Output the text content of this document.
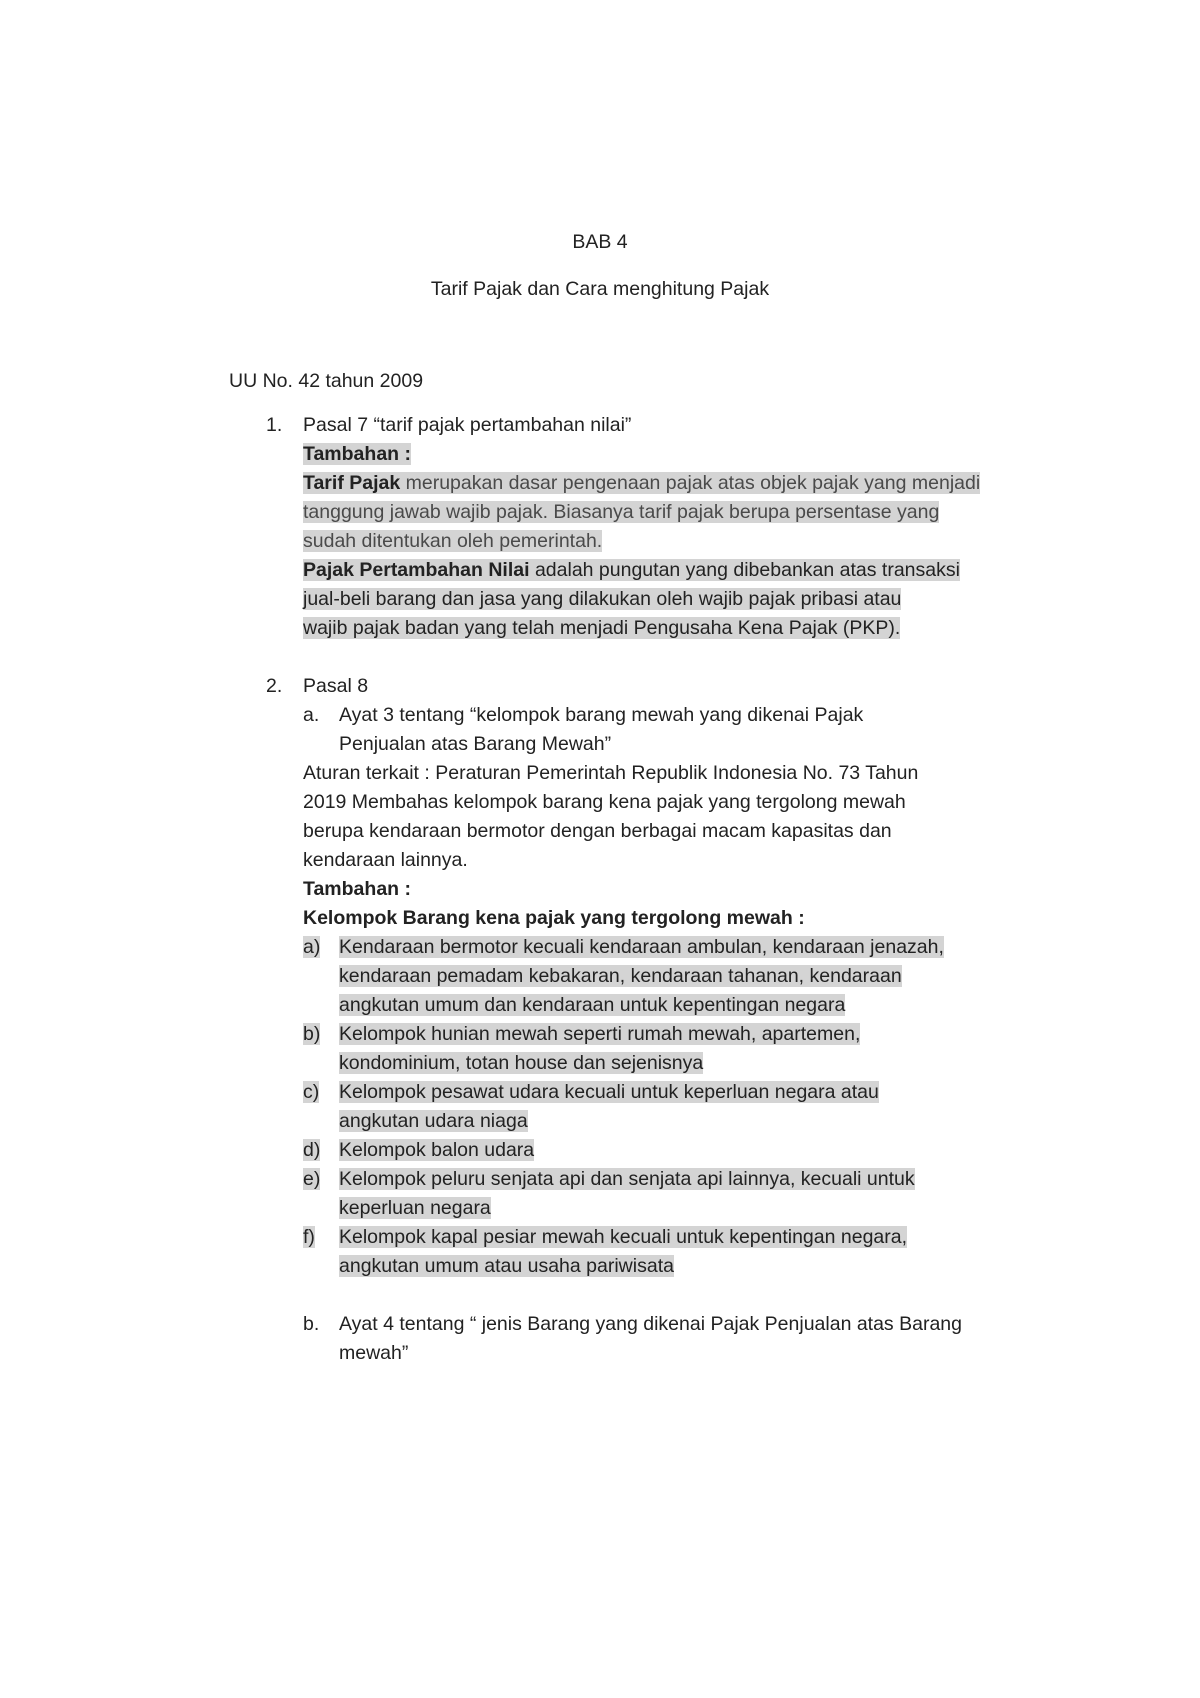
BAB 4
Tarif Pajak dan Cara menghitung Pajak
UU No. 42 tahun 2009
1. Pasal 7 “tarif pajak pertambahan nilai”
Tambahan :
Tarif Pajak merupakan dasar pengenaan pajak atas objek pajak yang menjadi
tanggung jawab wajib pajak. Biasanya tarif pajak berupa persentase yang
sudah ditentukan oleh pemerintah.
Pajak Pertambahan Nilai adalah pungutan yang dibebankan atas transaksi
jual-beli barang dan jasa yang dilakukan oleh wajib pajak pribasi atau
wajib pajak badan yang telah menjadi Pengusaha Kena Pajak (PKP).
2. Pasal 8
a. Ayat 3 tentang “kelompok barang mewah yang dikenai Pajak
Penjualan atas Barang Mewah”
Aturan terkait : Peraturan Pemerintah Republik Indonesia No. 73 Tahun
2019 Membahas kelompok barang kena pajak yang tergolong mewah
berupa kendaraan bermotor dengan berbagai macam kapasitas dan
kendaraan lainnya.
Tambahan :
Kelompok Barang kena pajak yang tergolong mewah :
a) Kendaraan bermotor kecuali kendaraan ambulan, kendaraan jenazah,
kendaraan pemadam kebakaran, kendaraan tahanan, kendaraan
angkutan umum dan kendaraan untuk kepentingan negara
b) Kelompok hunian mewah seperti rumah mewah, apartemen,
kondominium, totan house dan sejenisnya
c) Kelompok pesawat udara kecuali untuk keperluan negara atau
angkutan udara niaga
d) Kelompok balon udara
e) Kelompok peluru senjata api dan senjata api lainnya, kecuali untuk
keperluan negara
f) Kelompok kapal pesiar mewah kecuali untuk kepentingan negara,
angkutan umum atau usaha pariwisata
b. Ayat 4 tentang “ jenis Barang yang dikenai Pajak Penjualan atas Barang
mewah”
